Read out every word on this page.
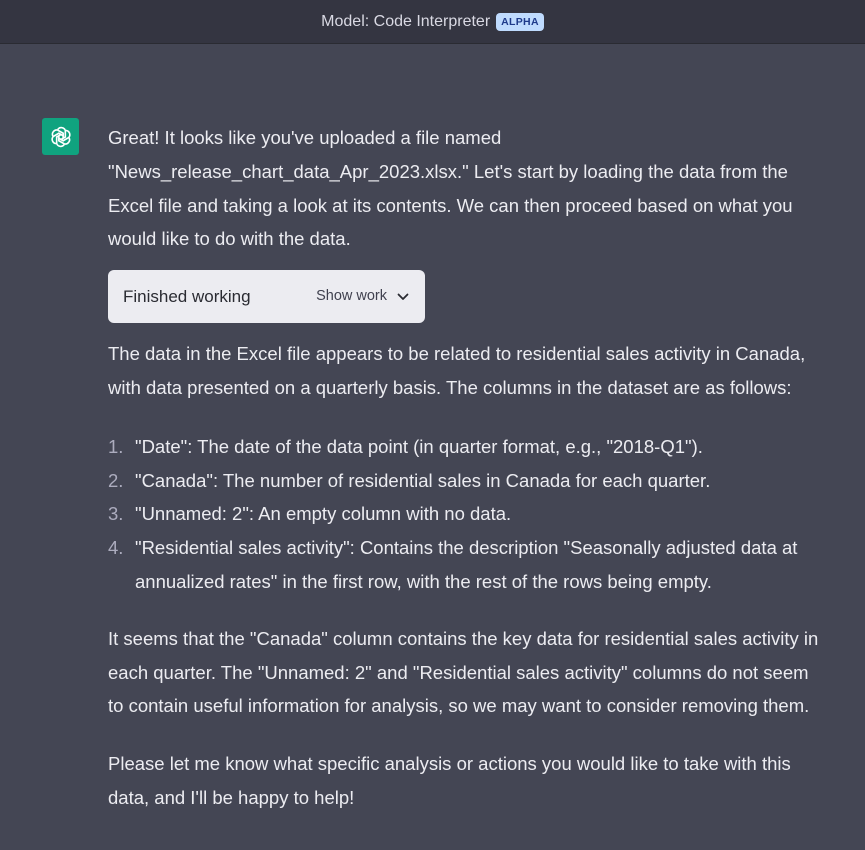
Model: Code Interpreter	ALPHA

Great! It looks like you've uploaded a file named "News_release_chart_data_Apr_2023.xlsx." Let's start by loading the data from the Excel file and taking a look at its contents. We can then proceed based on what you would like to do with the data.

Finished working	Show work

The data in the Excel file appears to be related to residential sales activity in Canada, with data presented on a quarterly basis. The columns in the dataset are as follows:

1. "Date": The date of the data point (in quarter format, e.g., "2018-Q1").
2. "Canada": The number of residential sales in Canada for each quarter.
3. "Unnamed: 2": An empty column with no data.
4. "Residential sales activity": Contains the description "Seasonally adjusted data at annualized rates" in the first row, with the rest of the rows being empty.

It seems that the "Canada" column contains the key data for residential sales activity in each quarter. The "Unnamed: 2" and "Residential sales activity" columns do not seem to contain useful information for analysis, so we may want to consider removing them.

Please let me know what specific analysis or actions you would like to take with this data, and I'll be happy to help!
